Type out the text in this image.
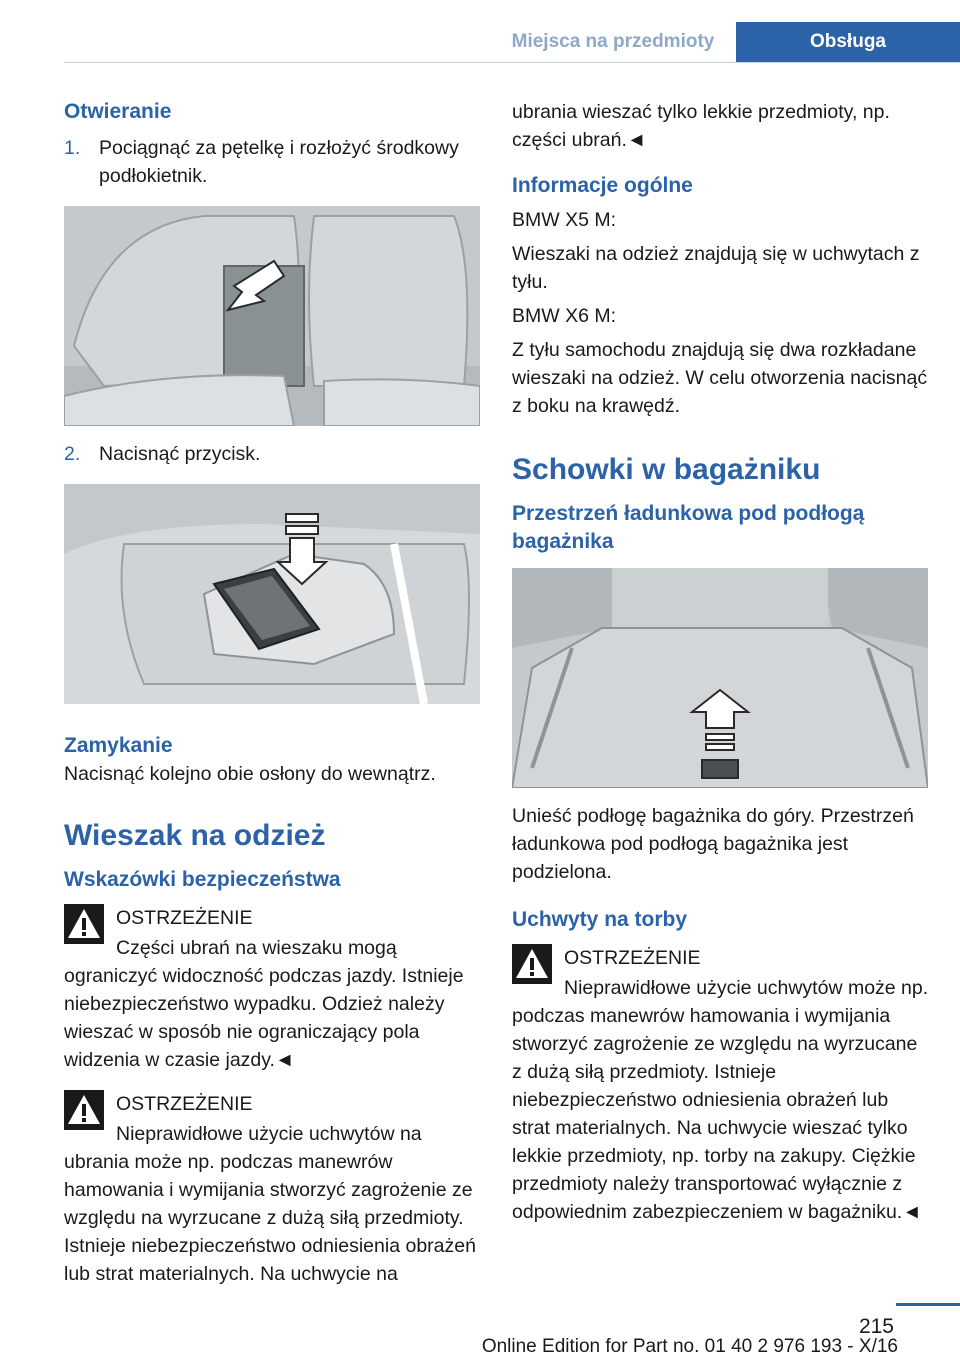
Miejsca na przedmioty	Obsługa
Otwieranie
1. Pociągnąć za pętelkę i rozłożyć środkowy podłokietnik.
2. Nacisnąć przycisk.
Zamykanie

Nacisnąć kolejno obie osłony do wewnątrz.

Wieszak na odzież
Wskazówki bezpieczeństwa

OSTRZEŻENIE

Części ubrań na wieszaku mogą ograniczyć widoczność podczas jazdy. Istnieje niebezpieczeństwo wypadku. Odzież należy wieszać w sposób nie ograniczający pola widzenia w czasie jazdy.◄

OSTRZEŻENIE

Nieprawidłowe użycie uchwytów na ubrania może np. podczas manewrów hamowania i wymijania stworzyć zagrożenie ze względu na wyrzucane z dużą siłą przedmioty. Istnieje niebezpieczeństwo odniesienia obrażeń lub strat materialnych. Na uchwycie na

ubrania wieszać tylko lekkie przedmioty, np. części ubrań.◄

Informacje ogólne

BMW X5 M:

Wieszaki na odzież znajdują się w uchwytach z tyłu.

BMW X6 M:

Z tyłu samochodu znajdują się dwa rozkładane wieszaki na odzież. W celu otworzenia nacisnąć z boku na krawędź.

Schowki w bagażniku
Przestrzeń ładunkowa pod podłogą bagażnika

Unieść podłogę bagażnika do góry. Przestrzeń ładunkowa pod podłogą bagażnika jest podzielona.

Uchwyty na torby

OSTRZEŻENIE

Nieprawidłowe użycie uchwytów może np. podczas manewrów hamowania i wymijania stworzyć zagrożenie ze względu na wyrzucane z dużą siłą przedmioty. Istnieje niebezpieczeństwo odniesienia obrażeń lub strat materialnych. Na uchwycie wieszać tylko lekkie przedmioty, np. torby na zakupy. Ciężkie przedmioty należy transportować wyłącznie z odpowiednim zabezpieczeniem w bagażniku.◄

215
Online Edition for Part no. 01 40 2 976 193 - X/16
